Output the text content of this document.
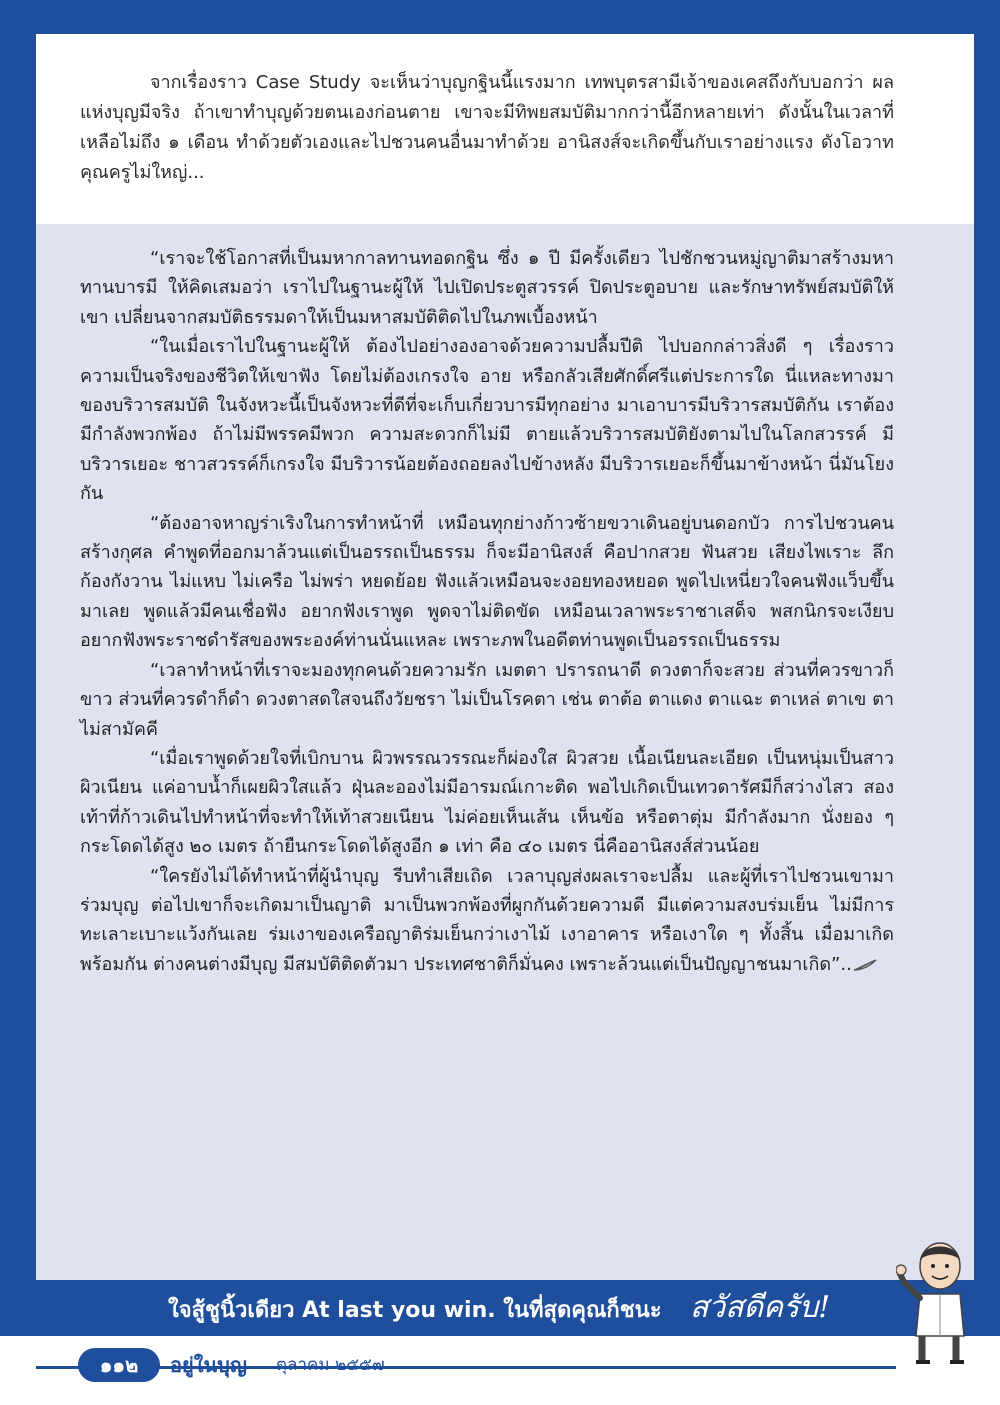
จากเรื่องราว Case Study จะเห็นว่าบุญกฐินนี้แรงมาก เทพบุตรสามีเจ้าของเคสถึงกับบอกว่า ผลแห่งบุญมีจริง ถ้าเขาทำบุญด้วยตนเองก่อนตาย เขาจะมีทิพยสมบัติมากกว่านี้อีกหลายเท่า ดังนั้นในเวลาที่เหลือไม่ถึง ๑ เดือน ทำด้วยตัวเองและไปชวนคนอื่นมาทำด้วย อานิสงส์จะเกิดขึ้นกับเราอย่างแรง ดังโอวาทคุณครูไม่ใหญ่...

“เราจะใช้โอกาสที่เป็นมหากาลทานทอดกฐิน ซึ่ง ๑ ปี มีครั้งเดียว ไปชักชวนหมู่ญาติมาสร้างมหาทานบารมี ให้คิดเสมอว่า เราไปในฐานะผู้ให้ ไปเปิดประตูสวรรค์ ปิดประตูอบาย และรักษาทรัพย์สมบัติให้เขา เปลี่ยนจากสมบัติธรรมดาให้เป็นมหาสมบัติติดไปในภพเบื้องหน้า

“ในเมื่อเราไปในฐานะผู้ให้ ต้องไปอย่างองอาจด้วยความปลื้มปีติ ไปบอกกล่าวสิ่งดี ๆ เรื่องราวความเป็นจริงของชีวิตให้เขาฟัง โดยไม่ต้องเกรงใจ อาย หรือกลัวเสียศักดิ์ศรีแต่ประการใด นี่แหละทางมาของบริวารสมบัติ ในจังหวะนี้เป็นจังหวะที่ดีที่จะเก็บเกี่ยวบารมีทุกอย่าง มาเอาบารมีบริวารสมบัติกัน เราต้องมีกำลังพวกพ้อง ถ้าไม่มีพรรคมีพวก ความสะดวกก็ไม่มี ตายแล้วบริวารสมบัติยังตามไปในโลกสวรรค์ มีบริวารเยอะ ชาวสวรรค์ก็เกรงใจ มีบริวารน้อยต้องถอยลงไปข้างหลัง มีบริวารเยอะก็ขึ้นมาข้างหน้า นี่มันโยงกัน

“ต้องอาจหาญร่าเริงในการทำหน้าที่ เหมือนทุกย่างก้าวซ้ายขวาเดินอยู่บนดอกบัว การไปชวนคนสร้างกุศล คำพูดที่ออกมาล้วนแต่เป็นอรรถเป็นธรรม ก็จะมีอานิสงส์ คือปากสวย ฟันสวย เสียงไพเราะ ลึกก้องกังวาน ไม่แหบ ไม่เครือ ไม่พร่า หยดย้อย ฟังแล้วเหมือนจะงอยทองหยอด พูดไปเหนี่ยวใจคนฟังแว็บขึ้นมาเลย พูดแล้วมีคนเชื่อฟัง อยากฟังเราพูด พูดจาไม่ติดขัด เหมือนเวลาพระราชาเสด็จ พสกนิกรจะเงียบ อยากฟังพระราชดำรัสของพระองค์ท่านนั่นแหละ เพราะภพในอดีตท่านพูดเป็นอรรถเป็นธรรม

“เวลาทำหน้าที่เราจะมองทุกคนด้วยความรัก เมตตา ปรารถนาดี ดวงตาก็จะสวย ส่วนที่ควรขาวก็ขาว ส่วนที่ควรดำก็ดำ ดวงตาสดใสจนถึงวัยชรา ไม่เป็นโรคตา เช่น ตาต้อ ตาแดง ตาแฉะ ตาเหล่ ตาเข ตาไม่สามัคคี

“เมื่อเราพูดด้วยใจที่เบิกบาน ผิวพรรณวรรณะก็ผ่องใส ผิวสวย เนื้อเนียนละเอียด เป็นหนุ่มเป็นสาวผิวเนียน แค่อาบน้ำก็เผยผิวใสแล้ว ฝุ่นละอองไม่มีอารมณ์เกาะติด พอไปเกิดเป็นเทวดารัศมีก็สว่างไสว สองเท้าที่ก้าวเดินไปทำหน้าที่จะทำให้เท้าสวยเนียน ไม่ค่อยเห็นเส้น เห็นข้อ หรือตาตุ่ม มีกำลังมาก นั่งยอง ๆ กระโดดได้สูง ๒๐ เมตร ถ้ายืนกระโดดได้สูงอีก ๑ เท่า คือ ๔๐ เมตร นี่คืออานิสงส์ส่วนน้อย

“ใครยังไม่ได้ทำหน้าที่ผู้นำบุญ รีบทำเสียเถิด เวลาบุญส่งผลเราจะปลื้ม และผู้ที่เราไปชวนเขามาร่วมบุญ ต่อไปเขาก็จะเกิดมาเป็นญาติ มาเป็นพวกพ้องที่ผูกกันด้วยความดี มีแต่ความสงบร่มเย็น ไม่มีการทะเลาะเบาะแว้งกันเลย ร่มเงาของเครือญาติร่มเย็นกว่าเงาไม้ เงาอาคาร หรือเงาใด ๆ ทั้งสิ้น เมื่อมาเกิดพร้อมกัน ต่างคนต่างมีบุญ มีสมบัติติดตัวมา ประเทศชาติก็มั่นคง เพราะล้วนแต่เป็นปัญญาชนมาเกิด”..

ใจสู้ชูนิ้วเดียว At last you win. ในที่สุดคุณก็ชนะ สวัสดีครับ!
๑๑๒ อยู่ในบุญ ตุลาคม ๒๕๕๗
